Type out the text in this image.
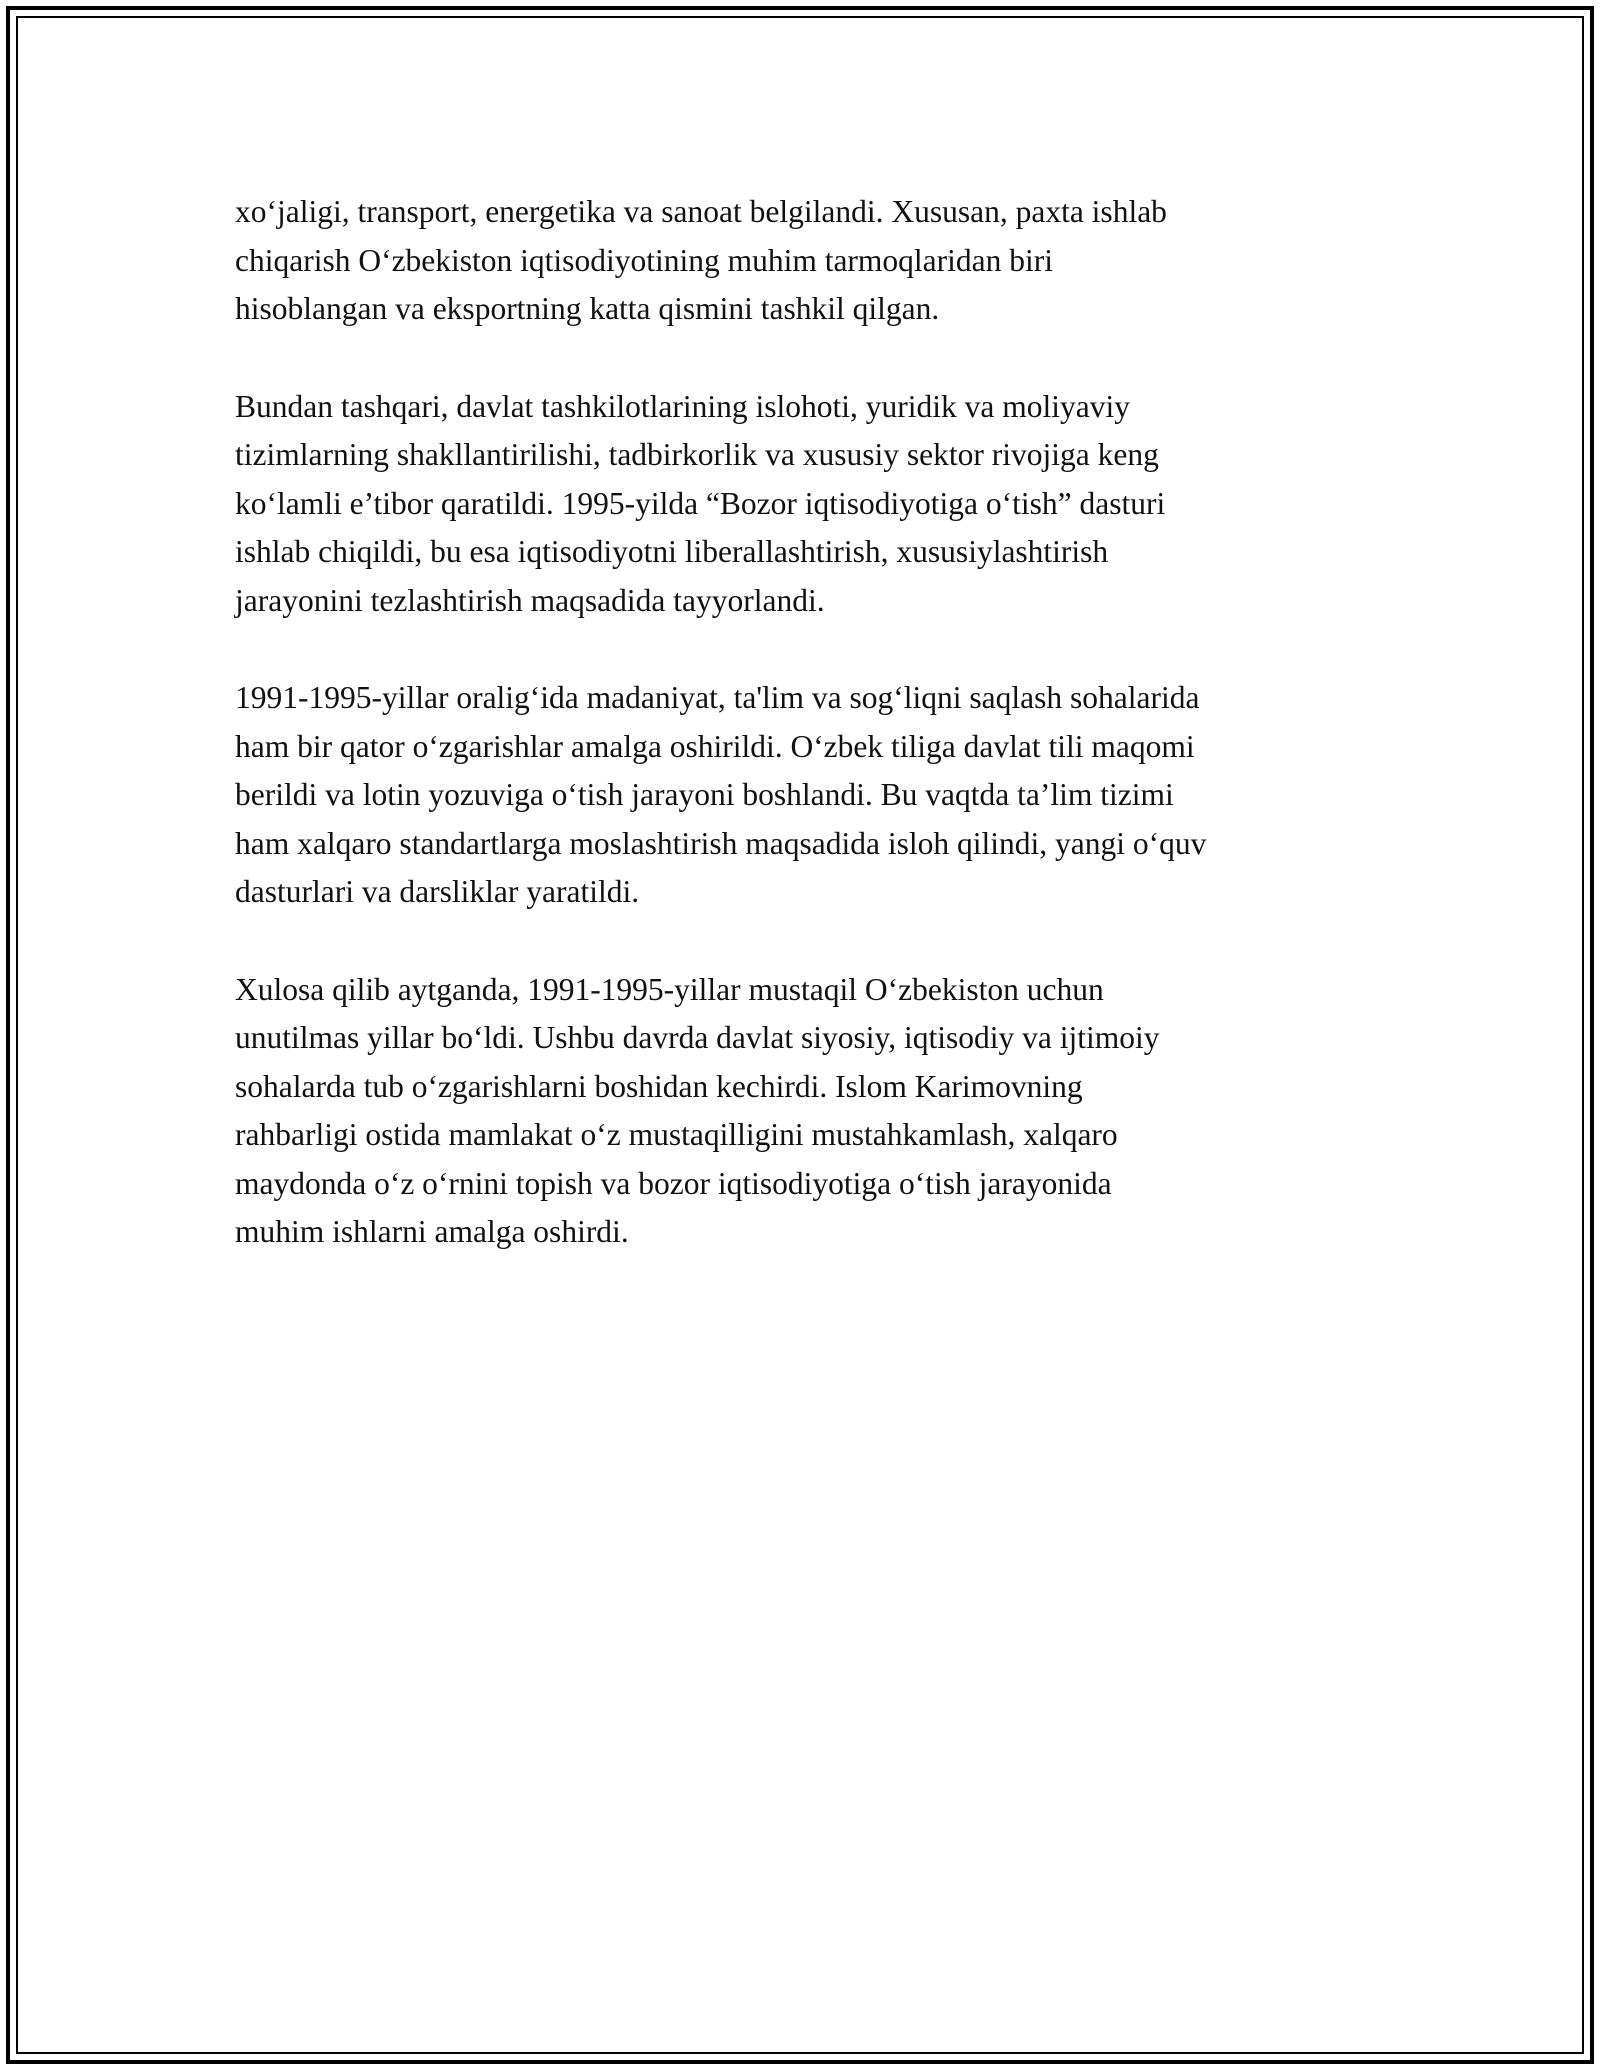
xo‘jaligi, transport, energetika va sanoat belgilandi. Xususan, paxta ishlab
chiqarish O‘zbekiston iqtisodiyotining muhim tarmoqlaridan biri
hisoblangan va eksportning katta qismini tashkil qilgan.

Bundan tashqari, davlat tashkilotlarining islohoti, yuridik va moliyaviy
tizimlarning shakllantirilishi, tadbirkorlik va xususiy sektor rivojiga keng
ko‘lamli e’tibor qaratildi. 1995-yilda “Bozor iqtisodiyotiga o‘tish” dasturi
ishlab chiqildi, bu esa iqtisodiyotni liberallashtirish, xususiylashtirish
jarayonini tezlashtirish maqsadida tayyorlandi.

1991-1995-yillar oralig‘ida madaniyat, ta'lim va sog‘liqni saqlash sohalarida
ham bir qator o‘zgarishlar amalga oshirildi. O‘zbek tiliga davlat tili maqomi
berildi va lotin yozuviga o‘tish jarayoni boshlandi. Bu vaqtda ta’lim tizimi
ham xalqaro standartlarga moslashtirish maqsadida isloh qilindi, yangi o‘quv
dasturlari va darsliklar yaratildi.

Xulosa qilib aytganda, 1991-1995-yillar mustaqil O‘zbekiston uchun
unutilmas yillar bo‘ldi. Ushbu davrda davlat siyosiy, iqtisodiy va ijtimoiy
sohalarda tub o‘zgarishlarni boshidan kechirdi. Islom Karimovning
rahbarligi ostida mamlakat o‘z mustaqilligini mustahkamlash, xalqaro
maydonda o‘z o‘rnini topish va bozor iqtisodiyotiga o‘tish jarayonida
muhim ishlarni amalga oshirdi.
